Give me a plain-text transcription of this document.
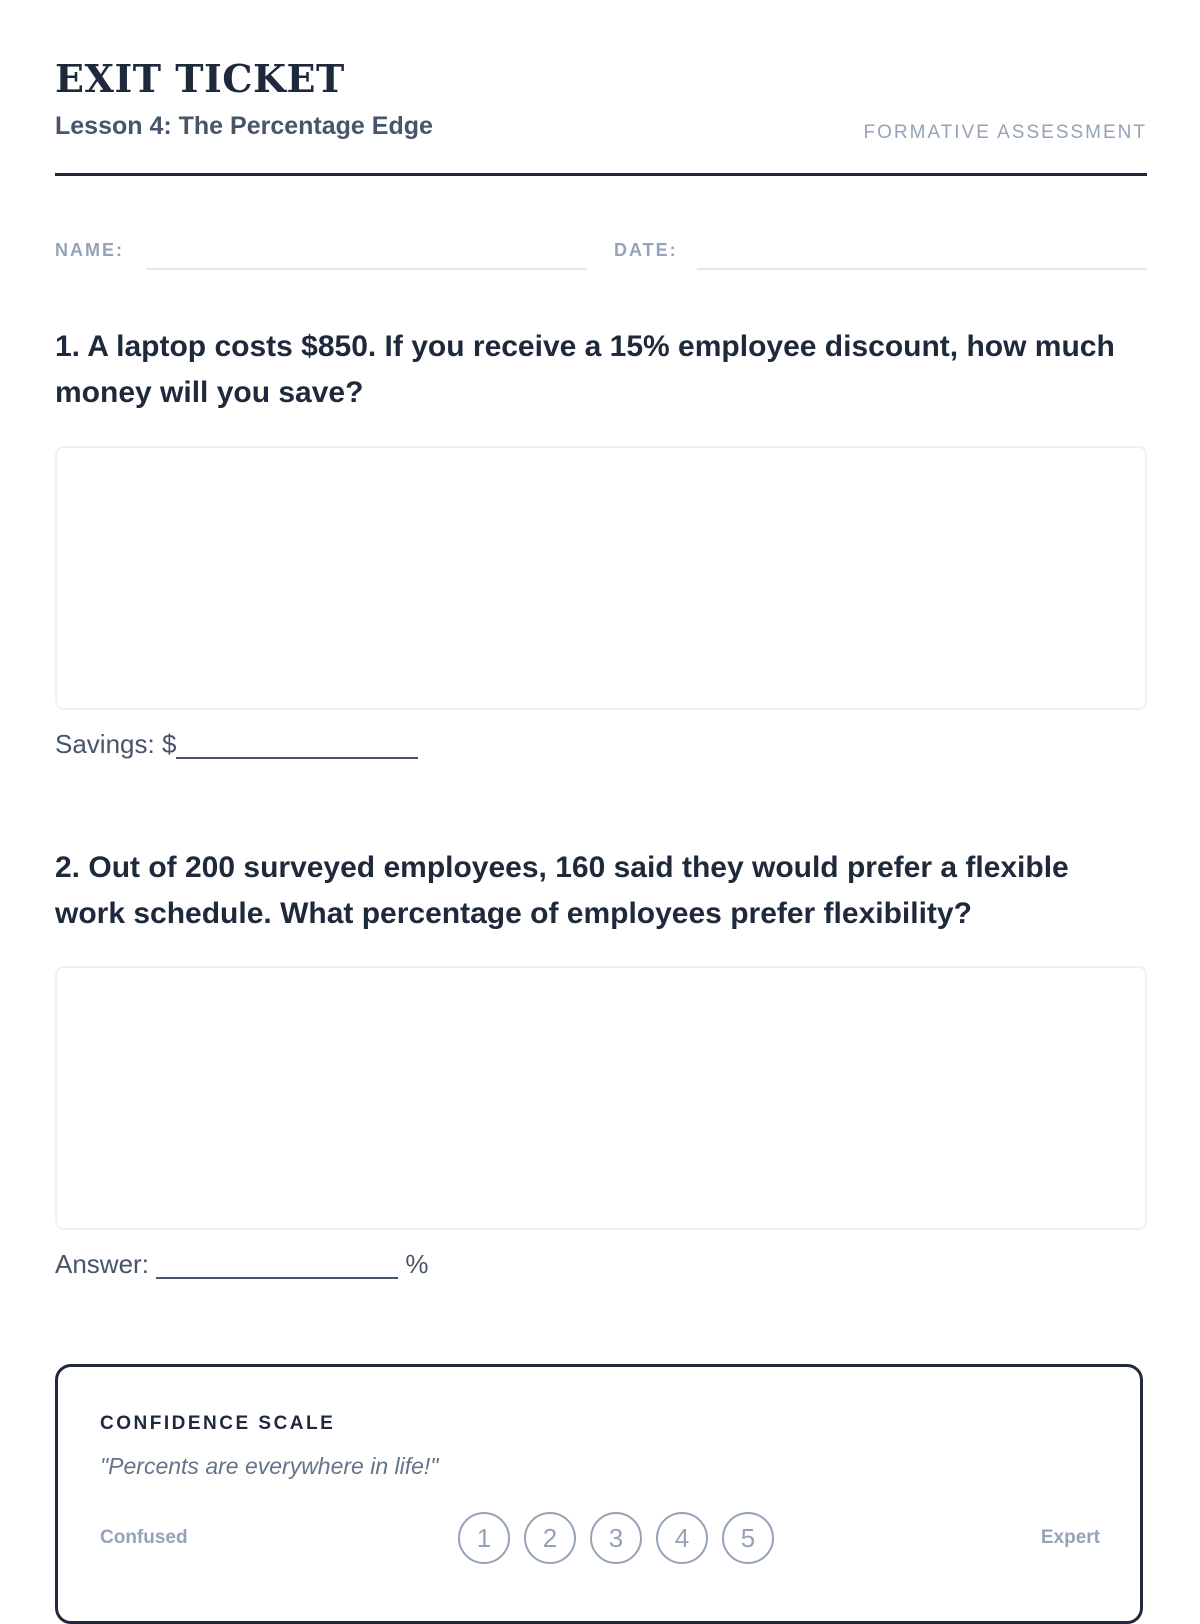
EXIT TICKET
Lesson 4: The Percentage Edge	FORMATIVE ASSESSMENT
NAME:	DATE:

1. A laptop costs $850. If you receive a 15% employee discount, how much money will you save?

Savings: $

2. Out of 200 surveyed employees, 160 said they would prefer a flexible work schedule. What percentage of employees prefer flexibility?

Answer:	%
CONFIDENCE SCALE
"Percents are everywhere in life!"
Confused	1	2	3	4	5	Expert
